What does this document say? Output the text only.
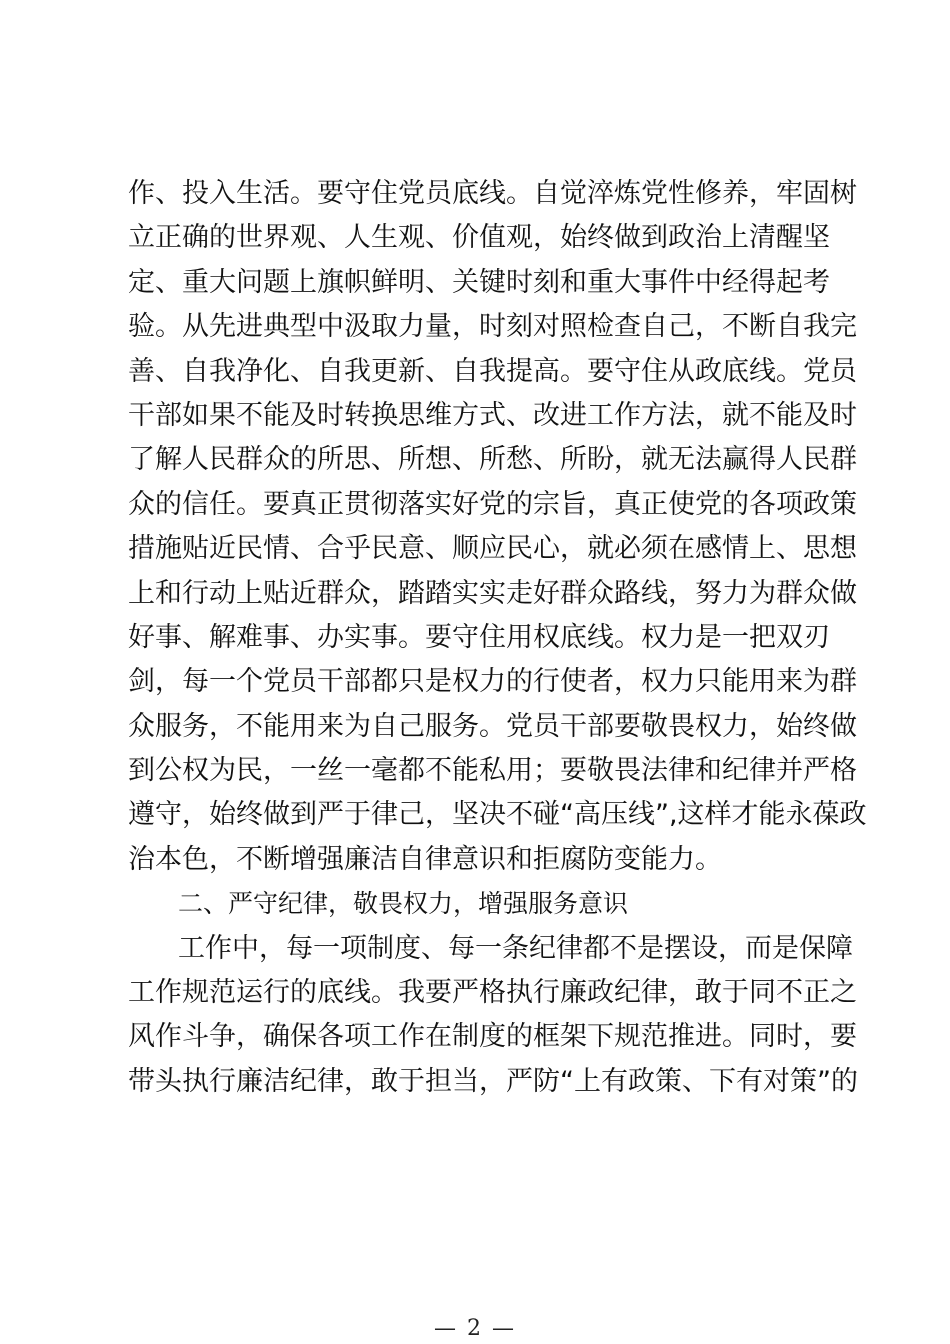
作、投入生活。要守住党员底线。自觉淬炼党性修养，牢固树
立正确的世界观、人生观、价值观，始终做到政治上清醒坚
定、重大问题上旗帜鲜明、关键时刻和重大事件中经得起考
验。从先进典型中汲取力量，时刻对照检查自己，不断自我完
善、自我净化、自我更新、自我提高。要守住从政底线。党员
干部如果不能及时转换思维方式、改进工作方法，就不能及时
了解人民群众的所思、所想、所愁、所盼，就无法赢得人民群
众的信任。要真正贯彻落实好党的宗旨，真正使党的各项政策
措施贴近民情、合乎民意、顺应民心，就必须在感情上、思想
上和行动上贴近群众，踏踏实实走好群众路线，努力为群众做
好事、解难事、办实事。要守住用权底线。权力是一把双刃
剑，每一个党员干部都只是权力的行使者，权力只能用来为群
众服务，不能用来为自己服务。党员干部要敬畏权力，始终做
到公权为民，一丝一毫都不能私用；要敬畏法律和纪律并严格
遵守，始终做到严于律己，坚决不碰“高压线”,这样才能永葆政
治本色，不断增强廉洁自律意识和拒腐防变能力。
二、严守纪律，敬畏权力，增强服务意识
工作中，每一项制度、每一条纪律都不是摆设，而是保障
工作规范运行的底线。我要严格执行廉政纪律，敢于同不正之
风作斗争，确保各项工作在制度的框架下规范推进。同时，要
带头执行廉洁纪律，敢于担当，严防“上有政策、下有对策”的
— 2 —
